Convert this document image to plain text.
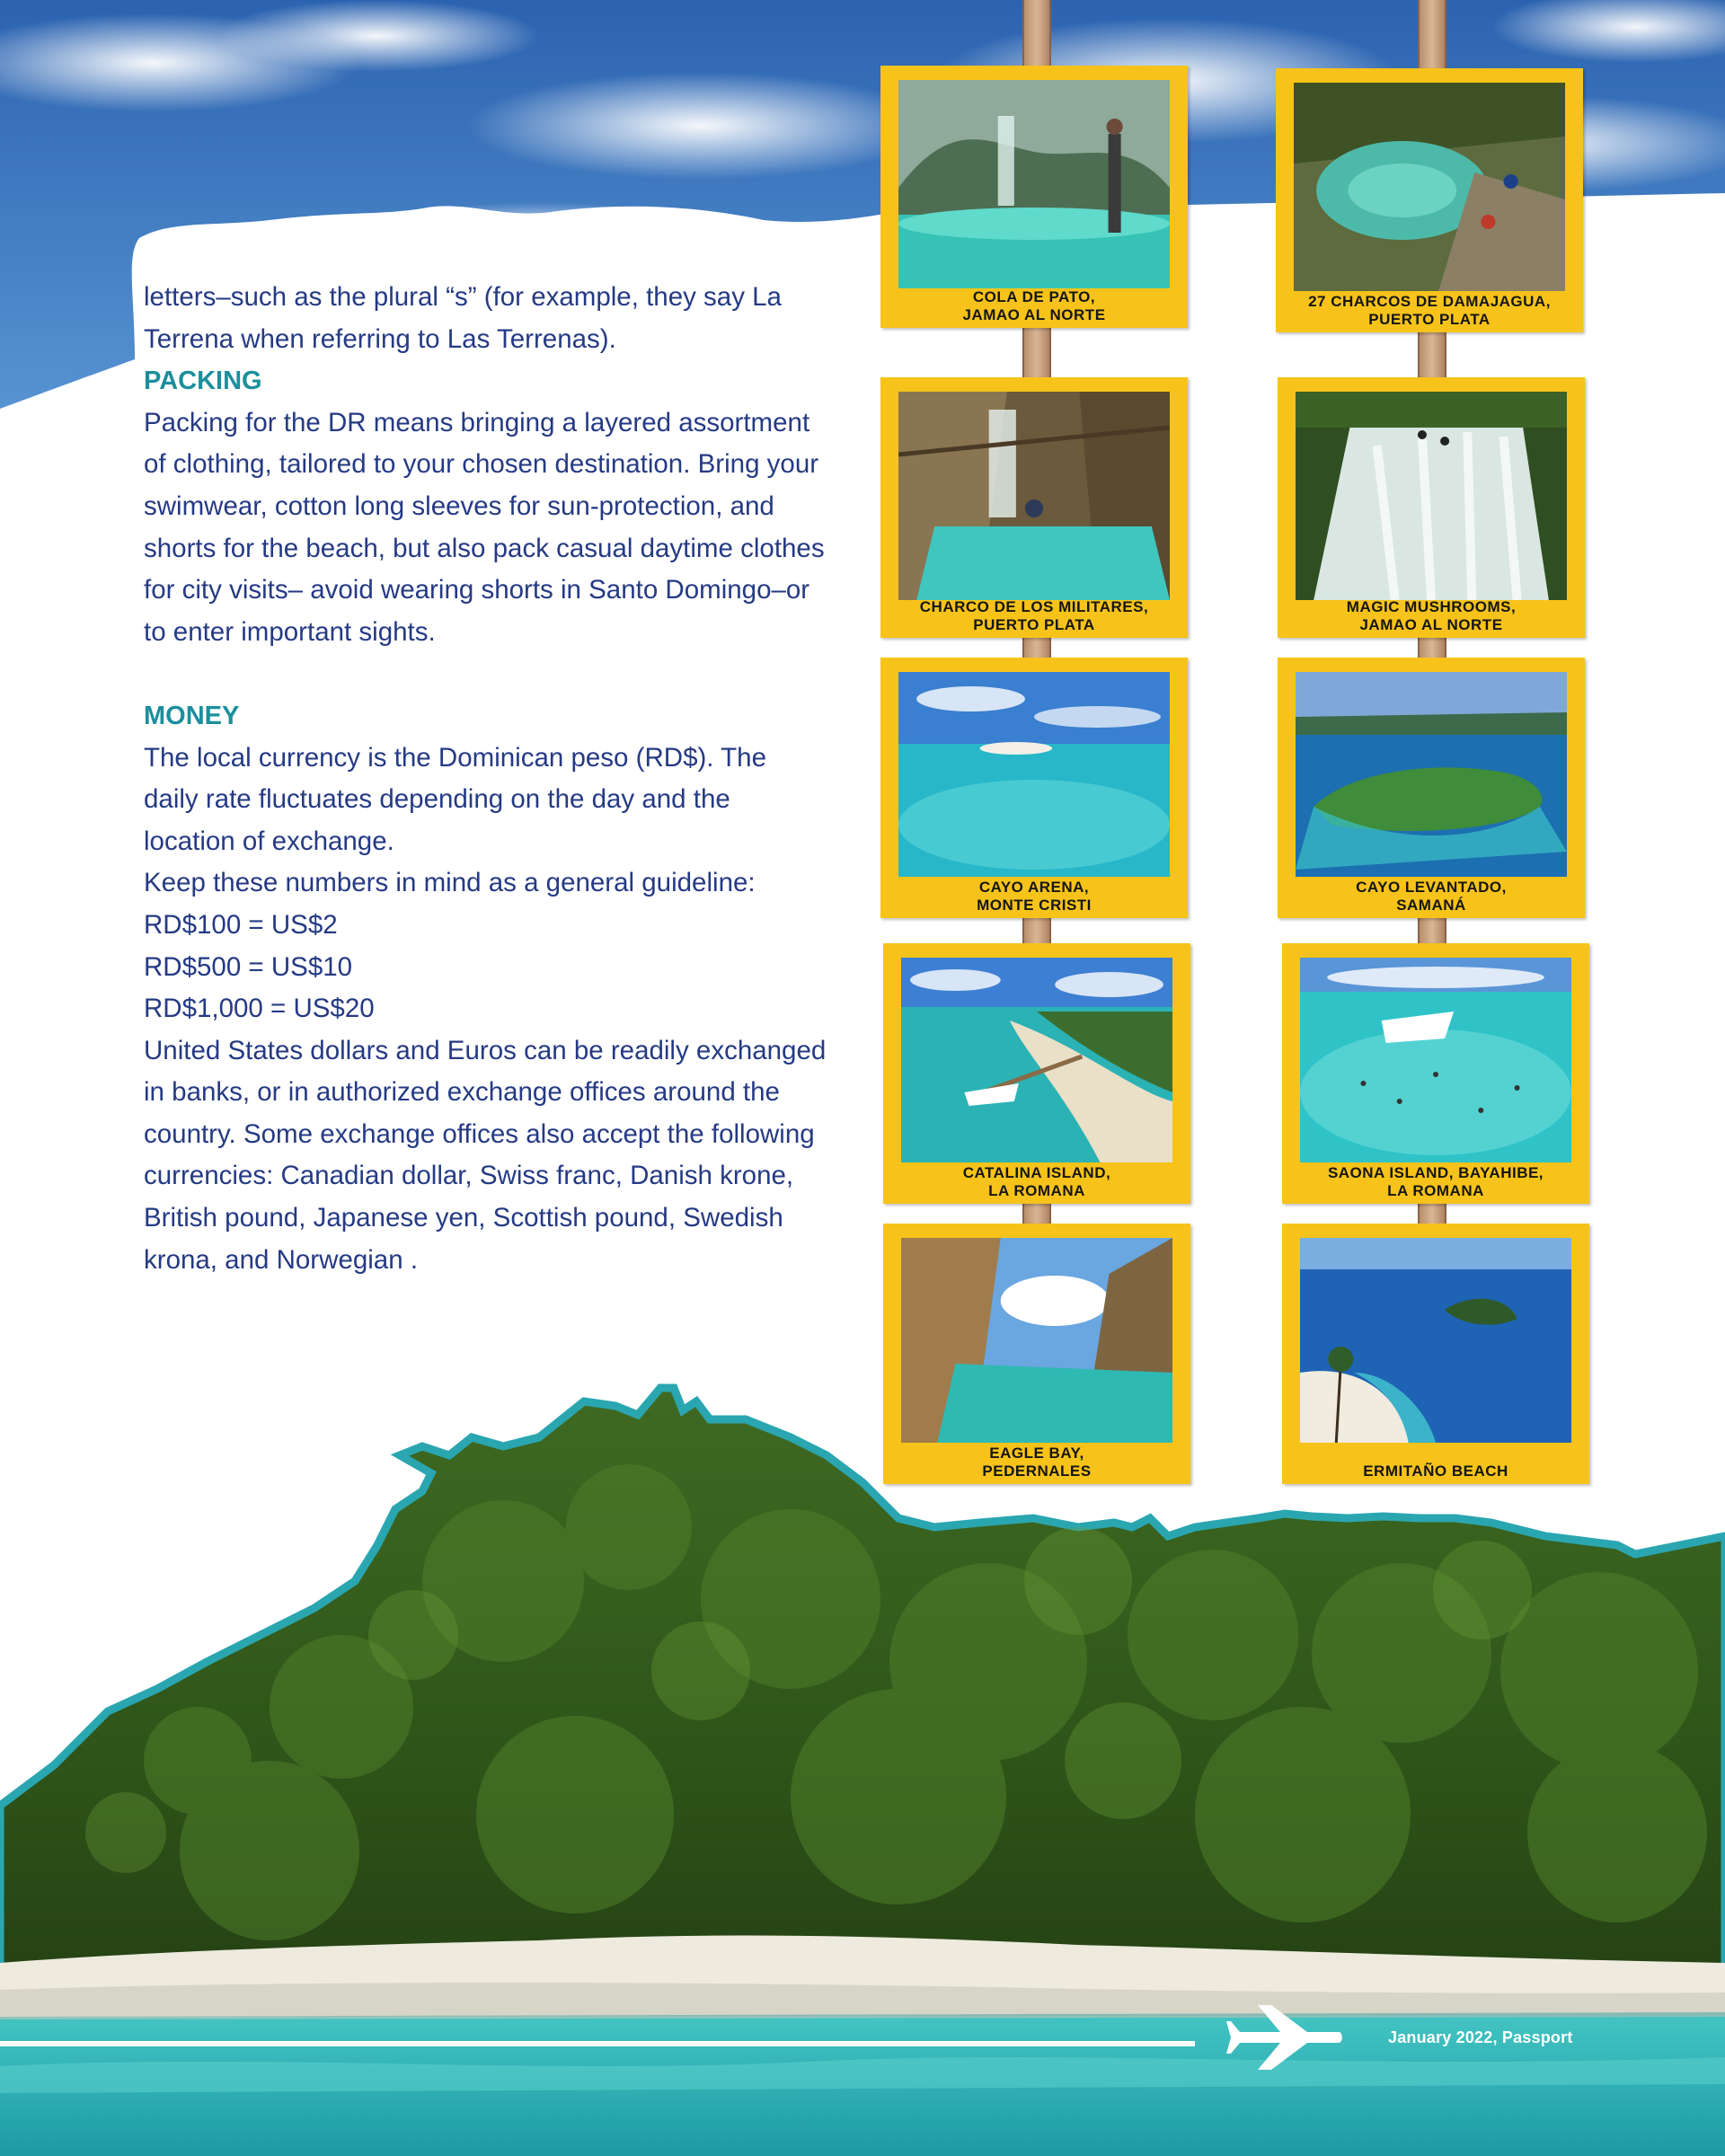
letters–such as the plural “s” (for example, they say La Terrena when referring to Las Terrenas).

PACKING

Packing for the DR means bringing a layered assortment of clothing, tailored to your chosen destination. Bring your swimwear, cotton long sleeves for sun-protection, and shorts for the beach, but also pack casual daytime clothes for city visits– avoid wearing shorts in Santo Domingo–or to enter important sights.

MONEY

The local currency is the Dominican peso (RD$). The daily rate fluctuates depending on the day and the location of exchange.

Keep these numbers in mind as a general guideline:

RD$100 = US$2

RD$500 = US$10

RD$1,000 = US$20

United States dollars and Euros can be readily exchanged in banks, or in authorized exchange offices around the country. Some exchange offices also accept the following currencies: Canadian dollar, Swiss franc, Danish krone, British pound, Japanese yen, Scottish pound, Swedish krona, and Norwegian .

COLA DE PATO,
JAMAO AL NORTE
27 CHARCOS DE DAMAJAGUA,
PUERTO PLATA
CHARCO DE LOS MILITARES,
PUERTO PLATA
MAGIC MUSHROOMS,
JAMAO AL NORTE
CAYO ARENA,
MONTE CRISTI
CAYO LEVANTADO,
SAMANÁ
CATALINA ISLAND,
LA ROMANA
SAONA ISLAND, BAYAHIBE,
LA ROMANA
EAGLE BAY,
PEDERNALES	ERMITAÑO BEACH
January 2022, Passport
